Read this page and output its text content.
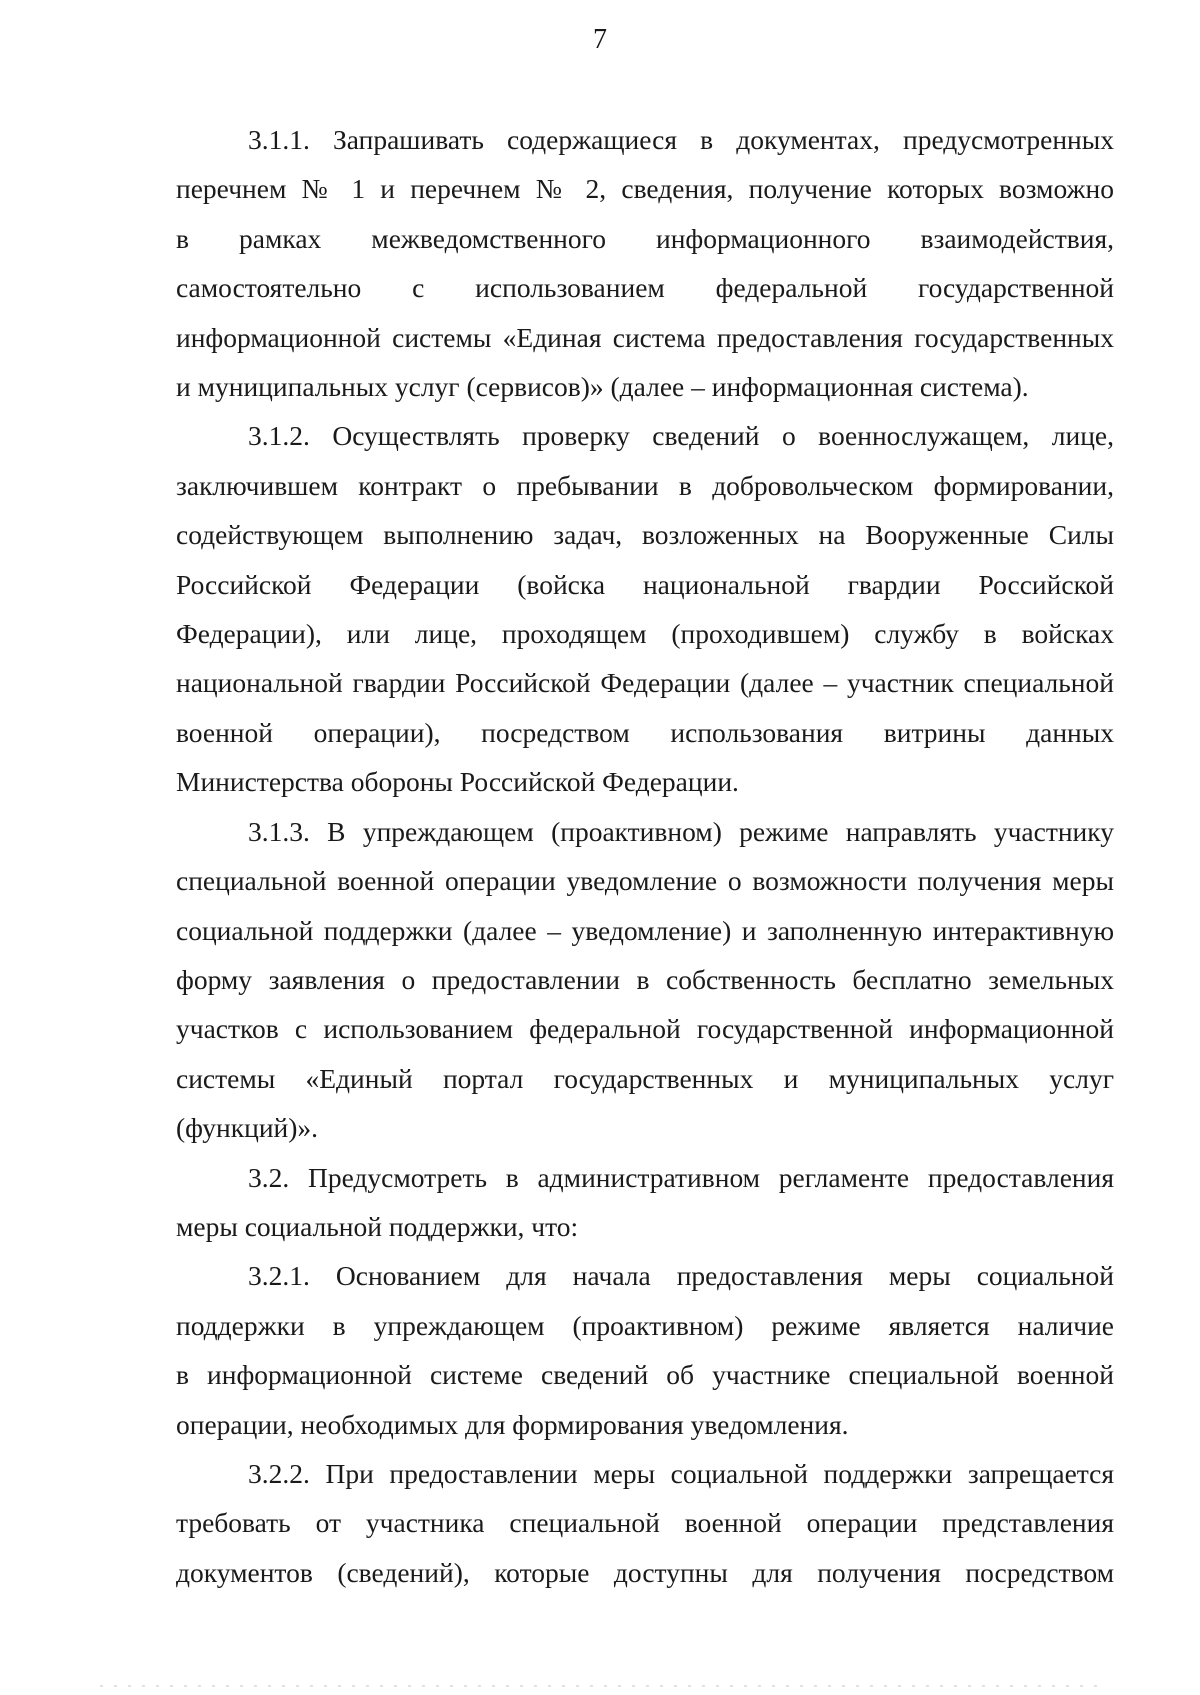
7
3.1.1. Запрашивать содержащиеся в документах, предусмотренных
перечнем № 1 и перечнем № 2, сведения, получение которых возможно
в рамках межведомственного информационного взаимодействия,
самостоятельно с использованием федеральной государственной
информационной системы «Единая система предоставления государственных
и муниципальных услуг (сервисов)» (далее – информационная система).
3.1.2. Осуществлять проверку сведений о военнослужащем, лице,
заключившем контракт о пребывании в добровольческом формировании,
содействующем выполнению задач, возложенных на Вооруженные Силы
Российской Федерации (войска национальной гвардии Российской
Федерации), или лице, проходящем (проходившем) службу в войсках
национальной гвардии Российской Федерации (далее – участник специальной
военной операции), посредством использования витрины данных
Министерства обороны Российской Федерации.
3.1.3. В упреждающем (проактивном) режиме направлять участнику
специальной военной операции уведомление о возможности получения меры
социальной поддержки (далее – уведомление) и заполненную интерактивную
форму заявления о предоставлении в собственность бесплатно земельных
участков с использованием федеральной государственной информационной
системы «Единый портал государственных и муниципальных услуг
(функций)».
3.2. Предусмотреть в административном регламенте предоставления
меры социальной поддержки, что:
3.2.1. Основанием для начала предоставления меры социальной
поддержки в упреждающем (проактивном) режиме является наличие
в информационной системе сведений об участнике специальной военной
операции, необходимых для формирования уведомления.
3.2.2. При предоставлении меры социальной поддержки запрещается
требовать от участника специальной военной операции представления
документов (сведений), которые доступны для получения посредством
